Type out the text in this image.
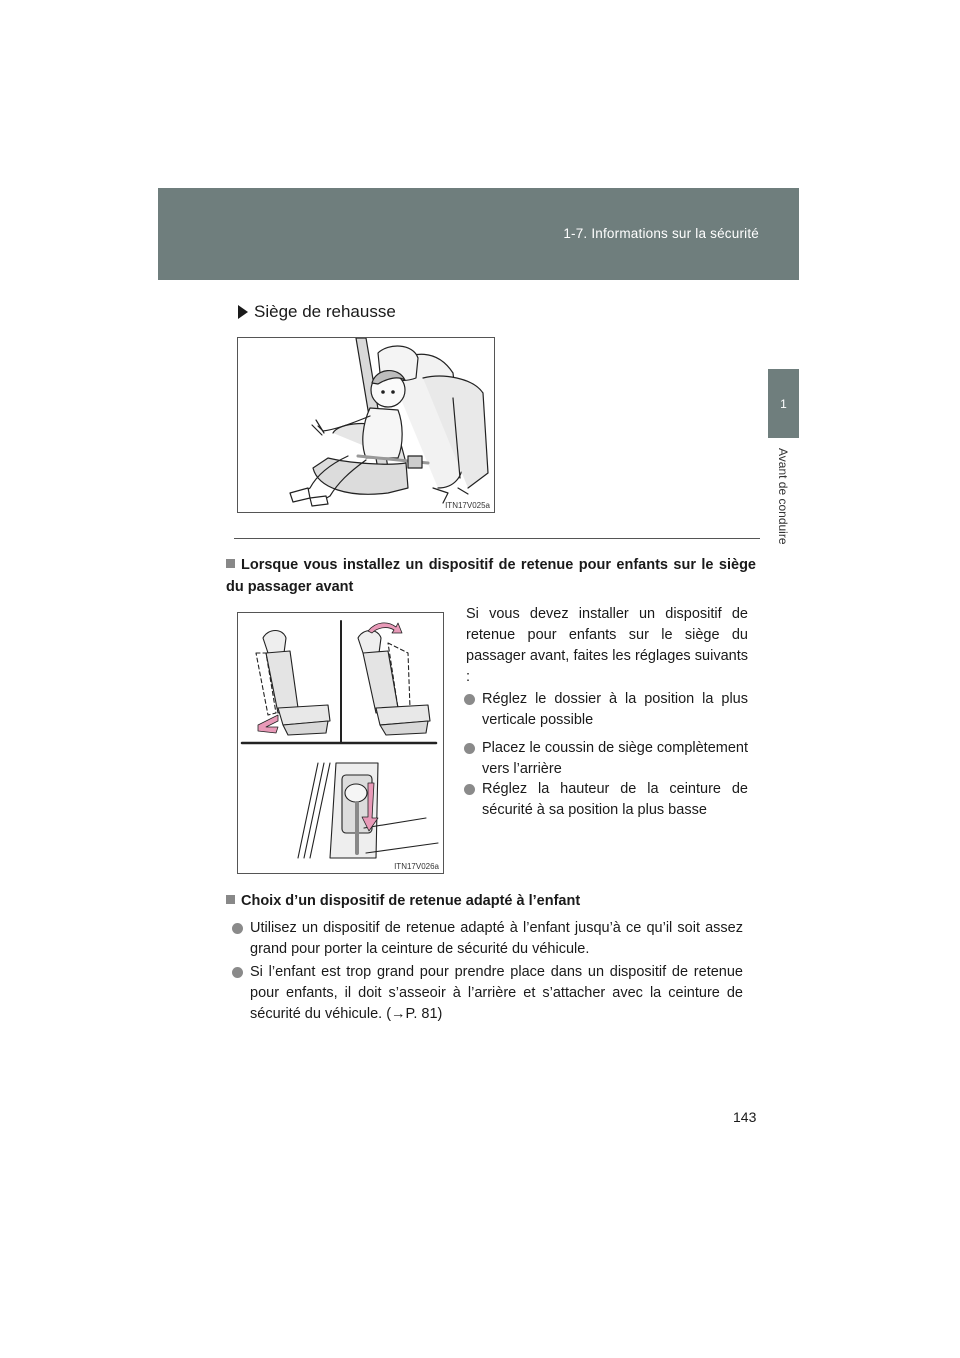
1-7. Informations sur la sécurité
1
Avant de conduire
Siège de rehausse
ITN17V025a
Lorsque vous installez un dispositif de retenue pour enfants sur le siège du passager avant
ITN17V026a
Si vous devez installer un dispositif de retenue pour enfants sur le siège du passager avant, faites les réglages suivants :
Réglez le dossier à la position la plus verticale possible
Placez le coussin de siège complètement vers l’arrière
Réglez la hauteur de la ceinture de sécurité à sa position la plus basse
Choix d’un dispositif de retenue adapté à l’enfant
Utilisez un dispositif de retenue adapté à l’enfant jusqu’à ce qu’il soit assez grand pour porter la ceinture de sécurité du véhicule.
Si l’enfant est trop grand pour prendre place dans un dispositif de retenue pour enfants, il doit s’asseoir à l’arrière et s’attacher avec la ceinture de sécurité du véhicule. (→P. 81)
143
